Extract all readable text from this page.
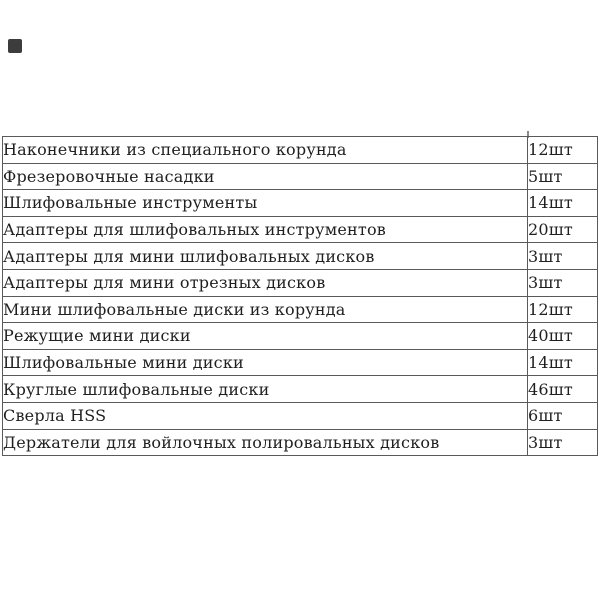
Наконечники из специального корунда	12шт
Фрезеровочные насадки	5шт
Шлифовальные инструменты	14шт
Адаптеры для шлифовальных инструментов	20шт
Адаптеры для мини шлифовальных дисков	3шт
Адаптеры для мини отрезных дисков	3шт
Мини шлифовальные диски из корунда	12шт
Режущие мини диски	40шт
Шлифовальные мини диски	14шт
Круглые шлифовальные диски	46шт
Сверла HSS	6шт
Держатели для войлочных полировальных дисков	3шт
